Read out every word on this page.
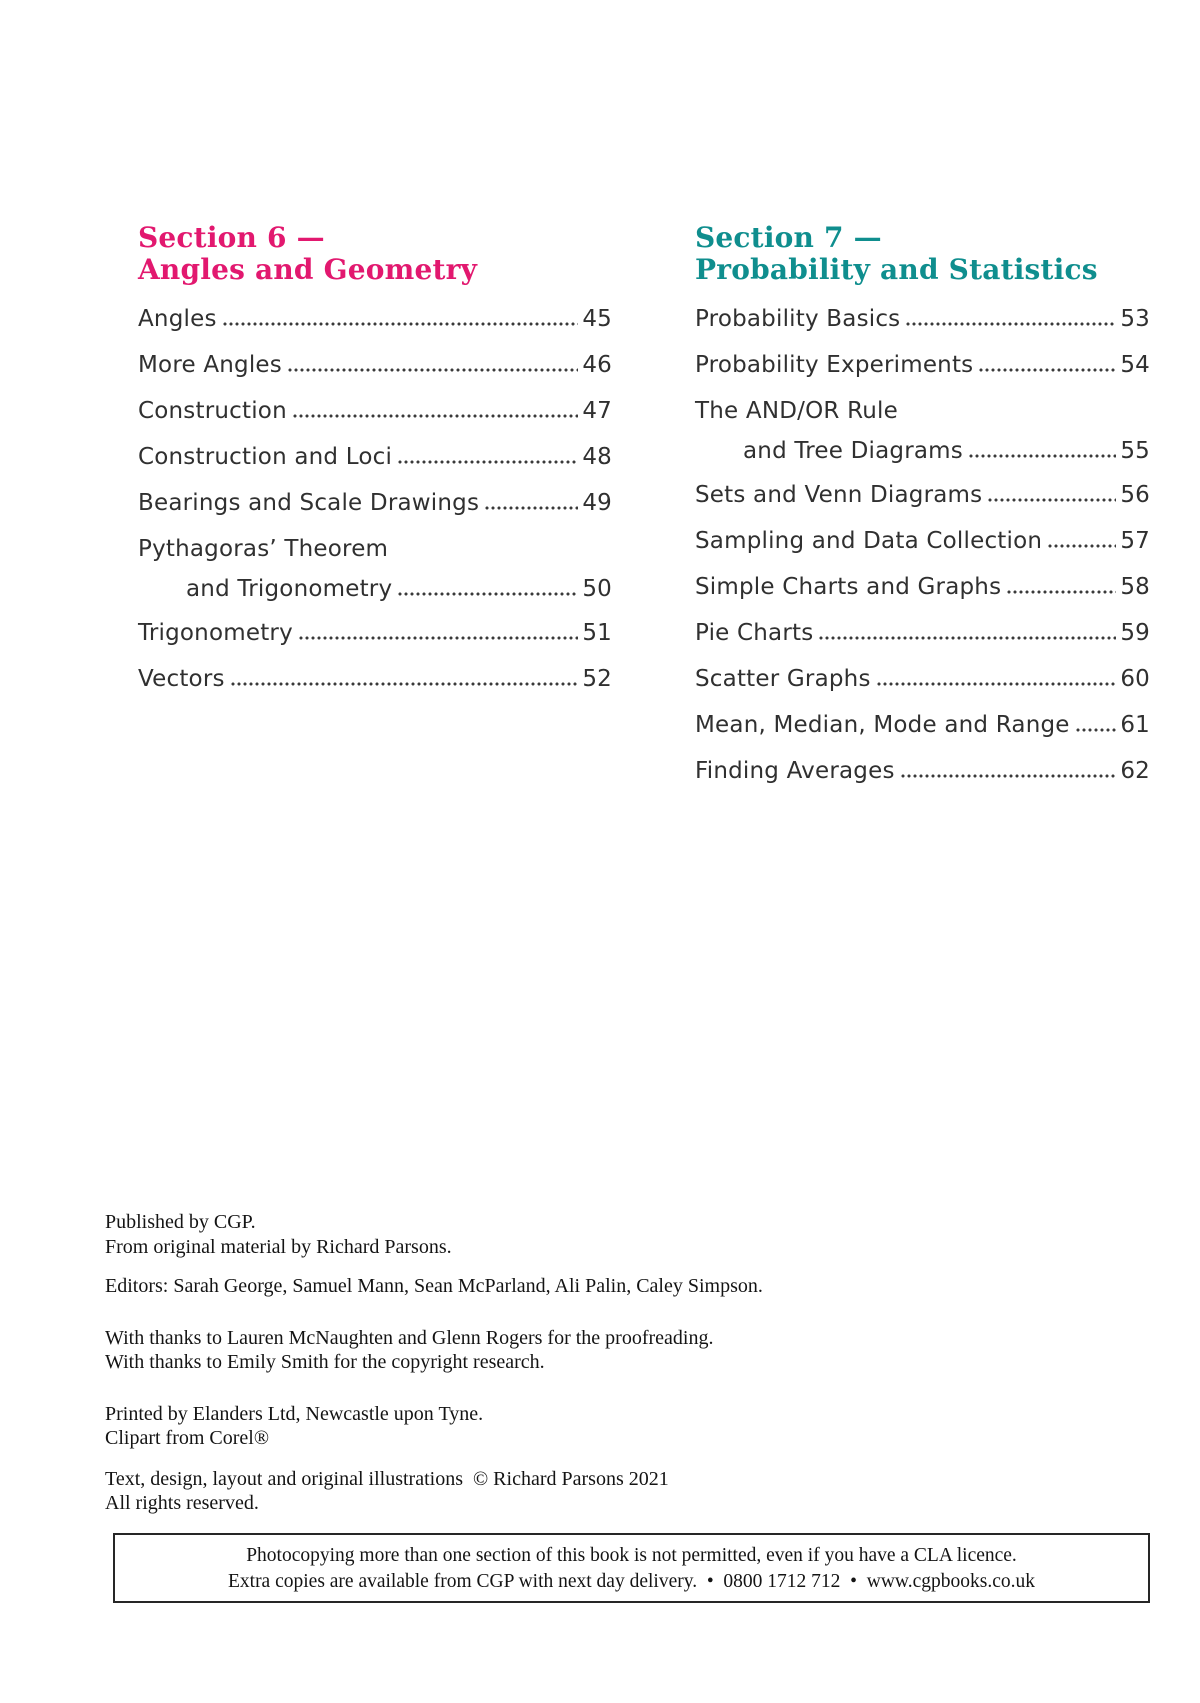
Section 6 —
Angles and Geometry
Angles	45
More Angles	46
Construction	47
Construction and Loci	48
Bearings and Scale Drawings	49
Pythagoras’ Theorem
and Trigonometry	50
Trigonometry	51
Vectors	52
Section 7 —
Probability and Statistics
Probability Basics	53
Probability Experiments	54
The AND/OR Rule
and Tree Diagrams	55
Sets and Venn Diagrams	56
Sampling and Data Collection	57
Simple Charts and Graphs	58
Pie Charts	59
Scatter Graphs	60
Mean, Median, Mode and Range 61
Finding Averages	62

Published by CGP.
From original material by Richard Parsons.

Editors: Sarah George, Samuel Mann, Sean McParland, Ali Palin, Caley Simpson.

With thanks to Lauren McNaughten and Glenn Rogers for the proofreading.
With thanks to Emily Smith for the copyright research.

Printed by Elanders Ltd, Newcastle upon Tyne.
Clipart from Corel®

Text, design, layout and original illustrations  © Richard Parsons 2021
All rights reserved.

Photocopying more than one section of this book is not permitted, even if you have a CLA licence.
Extra copies are available from CGP with next day delivery.  •  0800 1712 712  •  www.cgpbooks.co.uk
